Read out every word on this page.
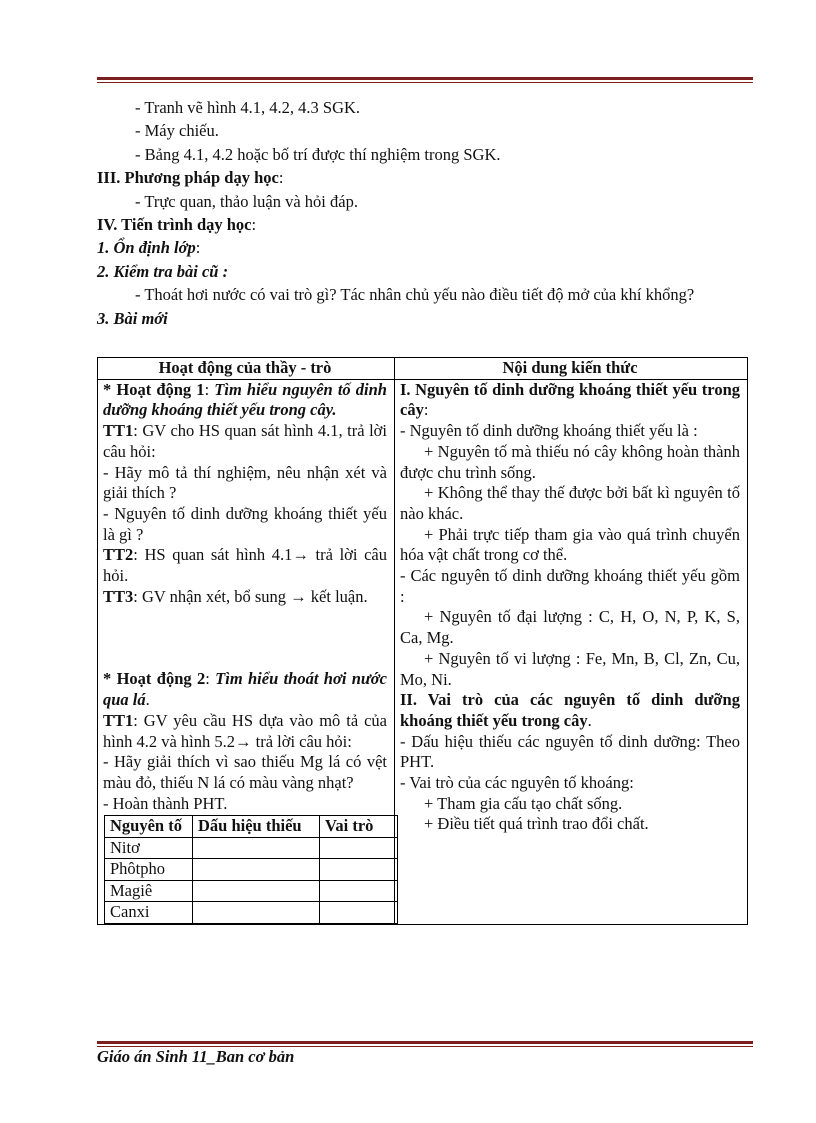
- Tranh vẽ hình 4.1, 4.2, 4.3 SGK.

- Máy chiếu.

- Bảng 4.1, 4.2 hoặc bố trí được thí nghiệm trong SGK.

III. Phương pháp dạy học:

- Trực quan, thảo luận và hỏi đáp.

IV. Tiến trình dạy học:

1. Ổn định lớp:

2. Kiểm tra bài cũ :

- Thoát hơi nước có vai trò gì? Tác nhân chủ yếu nào điều tiết độ mở của khí khổng?

3. Bài mới

Hoạt động của thầy - trò	Nội dung kiến thức

* Hoạt động 1: Tìm hiểu nguyên tố dinh dưỡng khoáng thiết yếu trong cây.
TT1: GV cho HS quan sát hình 4.1, trả lời câu hỏi:
- Hãy mô tả thí nghiệm, nêu nhận xét và giải thích ?
- Nguyên tố dinh dưỡng khoáng thiết yếu là gì ?
TT2: HS quan sát hình 4.1→ trả lời câu hỏi.
TT3: GV nhận xét, bổ sung → kết luận.
* Hoạt động 2: Tìm hiểu thoát hơi nước qua lá.
TT1: GV yêu cầu HS dựa vào mô tả của hình 4.2 và hình 5.2→ trả lời câu hỏi:
- Hãy giải thích vì sao thiếu Mg lá có vệt màu đỏ, thiếu N lá có màu vàng nhạt?
- Hoàn thành PHT.
Nguyên tố	Dấu hiệu thiếu	Vai trò
Nitơ		
Phôtpho		
Magiê		
Canxi		

I. Nguyên tố dinh dưỡng khoáng thiết yếu trong cây:
- Nguyên tố dinh dưỡng khoáng thiết yếu là :
+ Nguyên tố mà thiếu nó cây không hoàn thành được chu trình sống.
+ Không thể thay thế được bởi bất kì nguyên tố nào khác.
+ Phải trực tiếp tham gia vào quá trình chuyển hóa vật chất trong cơ thể.
- Các nguyên tố dinh dưỡng khoáng thiết yếu gồm :
+ Nguyên tố đại lượng : C, H, O, N, P, K, S, Ca, Mg.
+ Nguyên tố vi lượng : Fe, Mn, B, Cl, Zn, Cu, Mo, Ni.
II. Vai trò của các nguyên tố dinh dưỡng khoáng thiết yếu trong cây.
- Dấu hiệu thiếu các nguyên tố dinh dưỡng: Theo PHT.
- Vai trò của các nguyên tố khoáng:
+ Tham gia cấu tạo chất sống.
+ Điều tiết quá trình trao đổi chất.
Giáo án Sinh 11_Ban cơ bản
